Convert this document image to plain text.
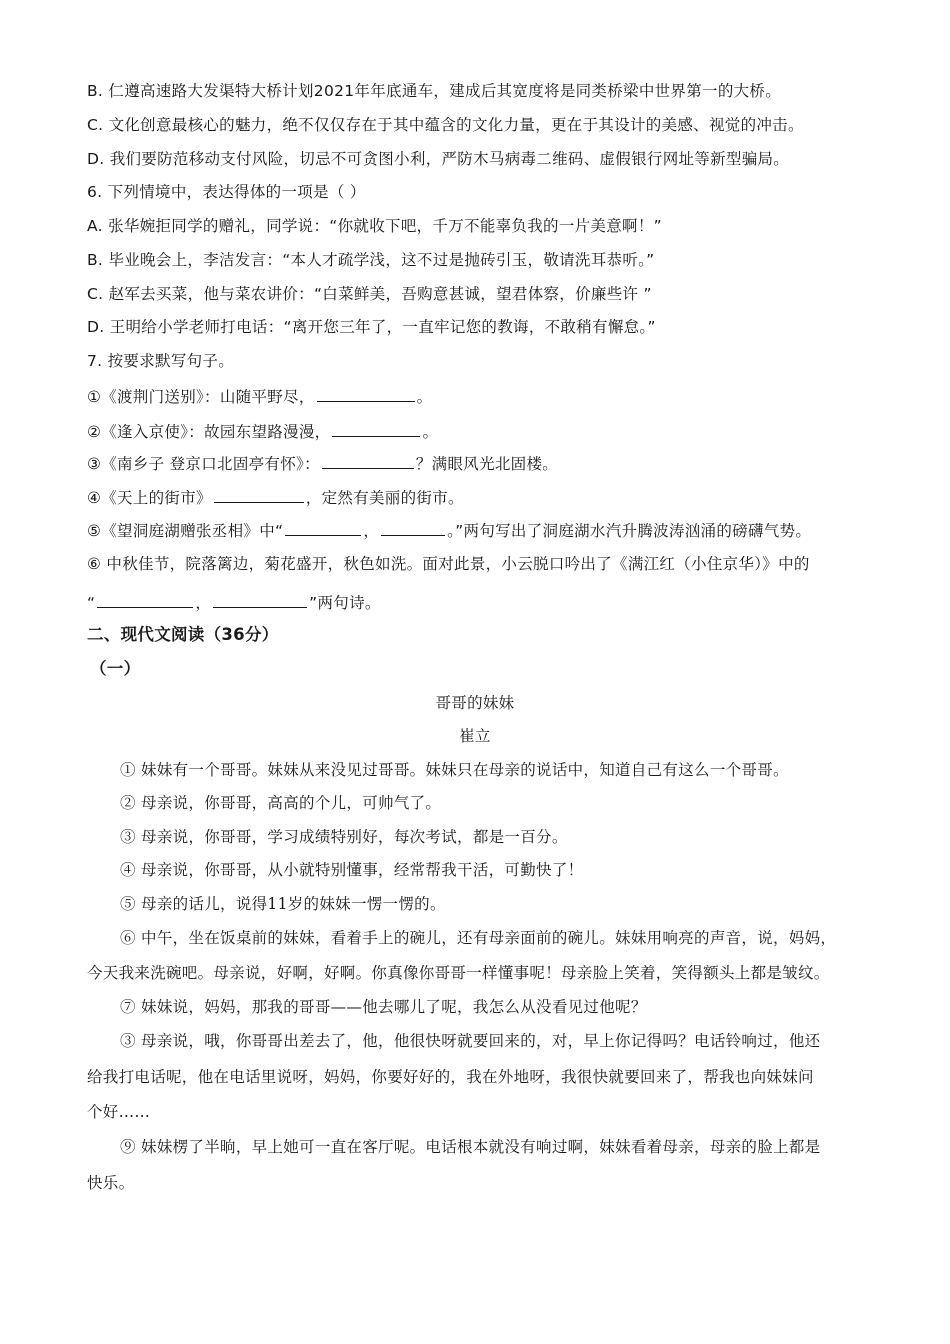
B. 仁遵高速路大发渠特大桥计划2021年年底通车，建成后其宽度将是同类桥梁中世界第一的大桥。
C. 文化创意最核心的魅力，绝不仅仅存在于其中蕴含的文化力量，更在于其设计的美感、视觉的冲击。
D. 我们要防范移动支付风险，切忌不可贪图小利，严防木马病毒二维码、虚假银行网址等新型骗局。
6. 下列情境中，表达得体的一项是（ ）
A. 张华婉拒同学的赠礼，同学说：“你就收下吧，千万不能辜负我的一片美意啊！”
B. 毕业晚会上，李洁发言：“本人才疏学浅，这不过是抛砖引玉，敬请洗耳恭听。”
C. 赵军去买菜，他与菜农讲价：“白菜鲜美，吾购意甚诚，望君体察，价廉些许 ”
D. 王明给小学老师打电话：“离开您三年了，一直牢记您的教诲，不敢稍有懈怠。”
7. 按要求默写句子。
①《渡荆门送别》：山随平野尽，	。
②《逢入京使》：故园东望路漫漫，	。
③《南乡子 登京口北固亭有怀》：	？满眼风光北固楼。
④《天上的街市》	，定然有美丽的街市。
⑤《望洞庭湖赠张丞相》中“	，	。”两句写出了洞庭湖水汽升腾波涛汹涌的磅礴气势。
⑥ 中秋佳节，院落篱边，菊花盛开，秋色如洗。面对此景，小云脱口吟出了《满江红（小住京华）》中的
“	，	”两句诗。
二、现代文阅读（36分）
（一）
哥哥的妹妹
崔立
① 妹妹有一个哥哥。妹妹从来没见过哥哥。妹妹只在母亲的说话中，知道自己有这么一个哥哥。
② 母亲说，你哥哥，高高的个儿，可帅气了。
③ 母亲说，你哥哥，学习成绩特别好，每次考试，都是一百分。
④ 母亲说，你哥哥，从小就特别懂事，经常帮我干活，可勤快了！
⑤ 母亲的话儿，说得11岁的妹妹一愣一愣的。
⑥ 中午，坐在饭桌前的妹妹，看着手上的碗儿，还有母亲面前的碗儿。妹妹用响亮的声音，说，妈妈，
今天我来洗碗吧。母亲说，好啊，好啊。你真像你哥哥一样懂事呢！母亲脸上笑着，笑得额头上都是皱纹。
⑦ 妹妹说，妈妈，那我的哥哥——他去哪儿了呢，我怎么从没看见过他呢？
③ 母亲说，哦，你哥哥出差去了，他，他很快呀就要回来的，对，早上你记得吗？电话铃响过，他还
给我打电话呢，他在电话里说呀，妈妈，你要好好的，我在外地呀，我很快就要回来了，帮我也向妹妹问
个好……
⑨ 妹妹楞了半晌，早上她可一直在客厅呢。电话根本就没有响过啊，妹妹看着母亲，母亲的脸上都是
快乐。
